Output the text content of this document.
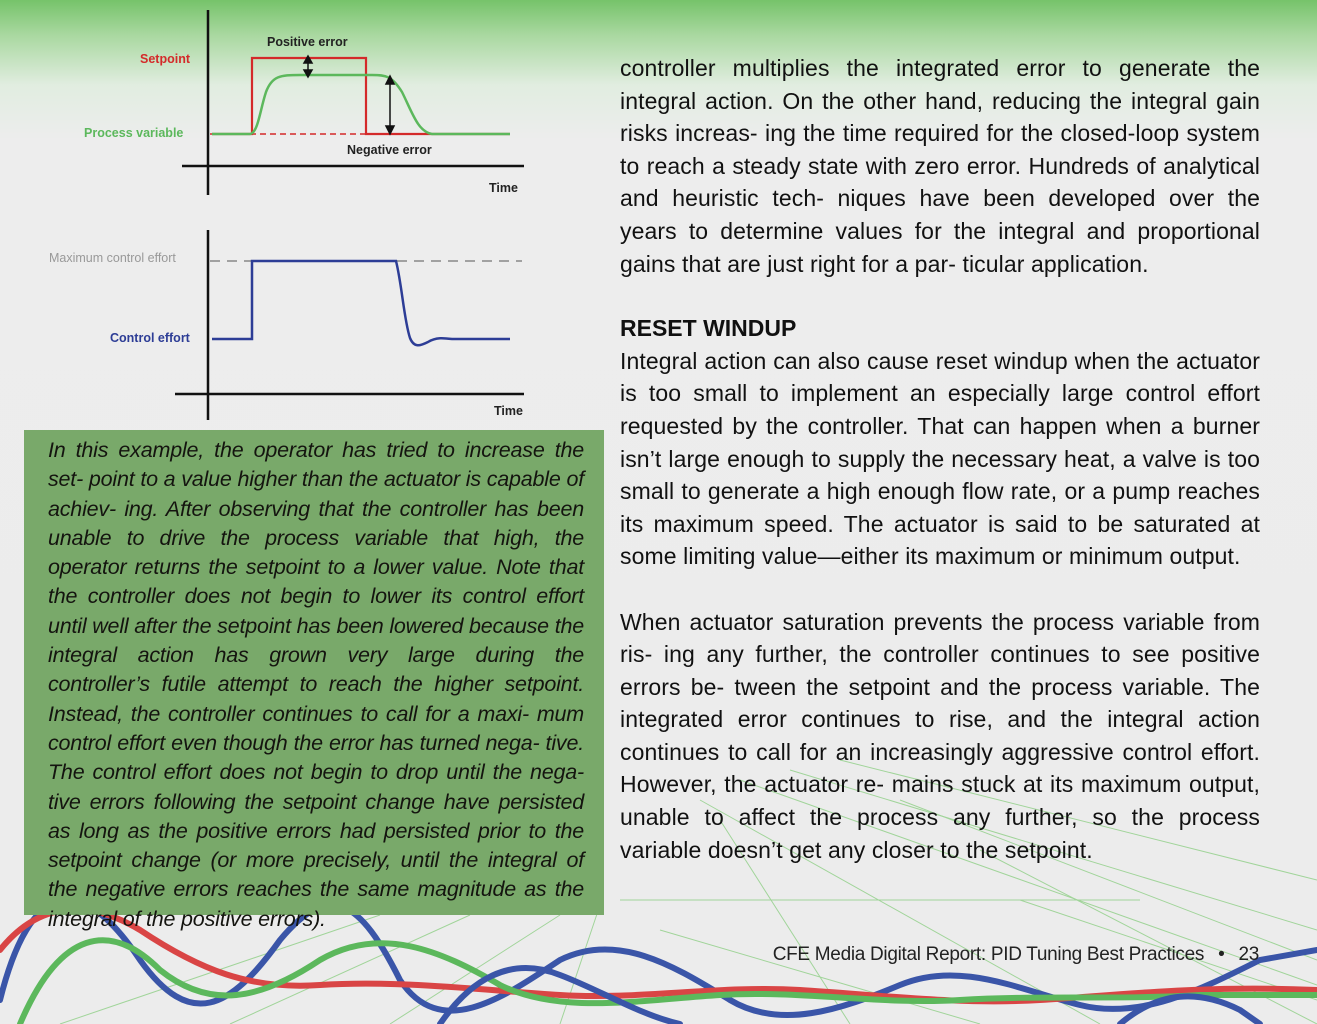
Positive error
Setpoint
Process variable
Negative error
Time
Maximum control effort
Control effort
Time

In this example, the operator has tried to increase the set- point to a value higher than the actuator is capable of achiev- ing. After observing that the controller has been unable to drive the process variable that high, the operator returns the setpoint to a lower value. Note that the controller does not begin to lower its control effort until well after the setpoint has been lowered because the integral action has grown very large during the controller’s futile attempt to reach the higher setpoint. Instead, the controller continues to call for a maxi- mum control effort even though the error has turned nega- tive. The control effort does not begin to drop until the nega- tive errors following the setpoint change have persisted as long as the positive errors had persisted prior to the setpoint change (or more precisely, until the integral of the negative errors reaches the same magnitude as the integral of the positive errors).

controller multiplies the integrated error to generate the integral action. On the other hand, reducing the integral gain risks increas- ing the time required for the closed-loop system to reach a steady state with zero error. Hundreds of analytical and heuristic tech- niques have been developed over the years to determine values for the integral and proportional gains that are just right for a par- ticular application.

RESET WINDUP

Integral action can also cause reset windup when the actuator is too small to implement an especially large control effort requested by the controller. That can happen when a burner isn’t large enough to supply the necessary heat, a valve is too small to generate a high enough flow rate, or a pump reaches its maximum speed. The actuator is said to be saturated at some limiting value—either its maximum or minimum output.

When actuator saturation prevents the process variable from ris- ing any further, the controller continues to see positive errors be- tween the setpoint and the process variable. The integrated error continues to rise, and the integral action continues to call for an increasingly aggressive control effort. However, the actuator re- mains stuck at its maximum output, unable to affect the process any further, so the process variable doesn’t get any closer to the setpoint.

CFE Media Digital Report: PID Tuning Best Practices • 23
